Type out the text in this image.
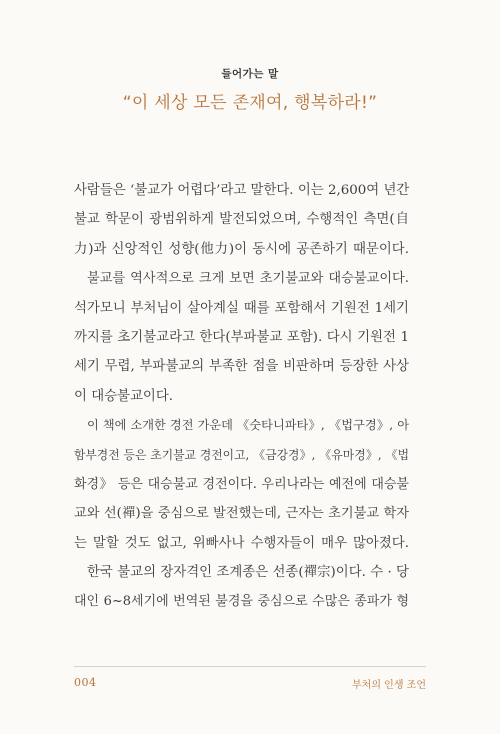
들어가는 말
“이 세상 모든 존재여, 행복하라!”
사람들은 ‘불교가 어렵다’라고 말한다. 이는 2,600여 년간
불교 학문이 광범위하게 발전되었으며, 수행적인 측면(自
力)과 신앙적인 성향(他力)이 동시에 공존하기 때문이다.
불교를 역사적으로 크게 보면 초기불교와 대승불교이다.
석가모니 부처님이 살아계실 때를 포함해서 기원전 1세기
까지를 초기불교라고 한다(부파불교 포함). 다시 기원전 1
세기 무렵, 부파불교의 부족한 점을 비판하며 등장한 사상
이 대승불교이다.
이 책에 소개한 경전 가운데 《숫타니파타》, 《법구경》, 아
함부경전 등은 초기불교 경전이고, 《금강경》, 《유마경》, 《법
화경》 등은 대승불교 경전이다. 우리나라는 예전에 대승불
교와 선(禪)을 중심으로 발전했는데, 근자는 초기불교 학자
는 말할 것도 없고, 위빠사나 수행자들이 매우 많아졌다.
한국 불교의 장자격인 조계종은 선종(禪宗)이다. 수 · 당
대인 6~8세기에 번역된 불경을 중심으로 수많은 종파가 형
004	부처의 인생 조언
